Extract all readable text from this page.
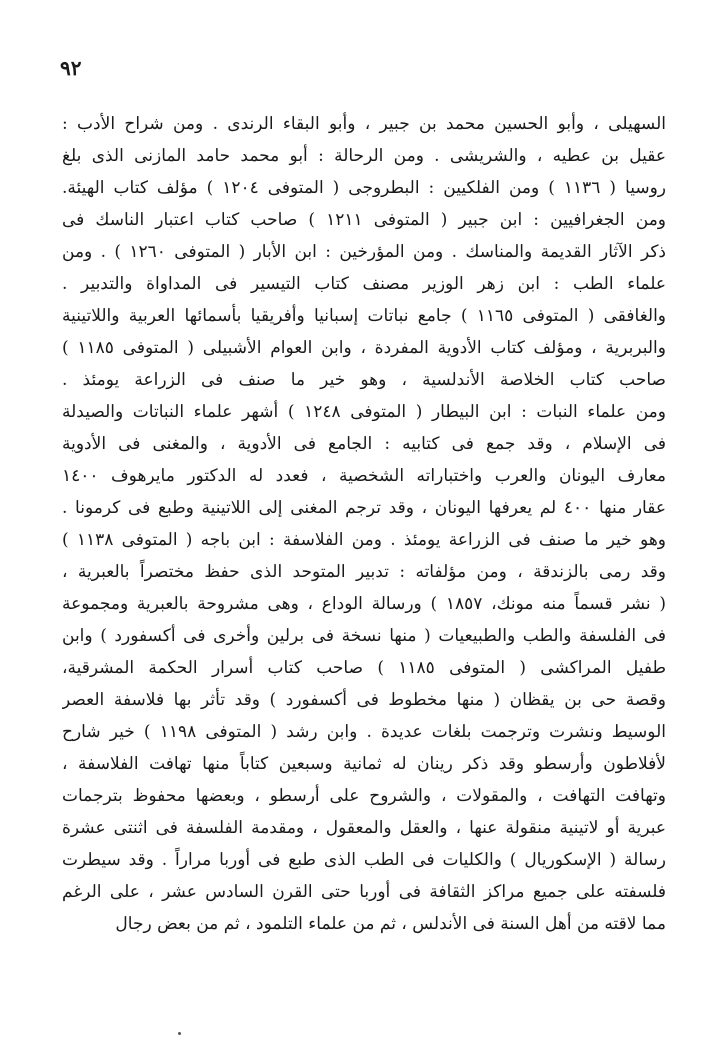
٩٢
السهيلى ، وأبو الحسين محمد بن جبير ، وأبو البقاء الرندى . ومن شراح الأدب :
عقيل بن عطيه ، والشريشى . ومن الرحالة : أبو محمد حامد المازنى الذى بلغ
روسيا ( ١١٣٦ ) ومن الفلكيين : البطروجى ( المتوفى ١٢٠٤ ) مؤلف كتاب الهيئة.
ومن الجغرافيين : ابن جبير ( المتوفى ١٢١١ ) صاحب كتاب اعتبار الناسك فى
ذكر الآثار القديمة والمناسك . ومن المؤرخين : ابن الأبار ( المتوفى ١٢٦٠ ) . ومن
علماء الطب : ابن زهر الوزير مصنف كتاب التيسير فى المداواة والتدبير .
والغافقى ( المتوفى ١١٦٥ ) جامع نباتات إسبانيا وأفريقيا بأسمائها العربية واللاتينية
والبربرية ، ومؤلف كتاب الأدوية المفردة ، وابن العوام الأشبيلى ( المتوفى ١١٨٥ )
صاحب كتاب الخلاصة الأندلسية ، وهو خير ما صنف فى الزراعة يومئذ .
ومن علماء النبات : ابن البيطار ( المتوفى ١٢٤٨ ) أشهر علماء النباتات والصيدلة
فى الإسلام ، وقد جمع فى كتابيه : الجامع فى الأدوية ، والمغنى فى الأدوية
معارف اليونان والعرب واختباراته الشخصية ، فعدد له الدكتور مايرهوف ١٤٠٠
عقار منها ٤٠٠ لم يعرفها اليونان ، وقد ترجم المغنى إلى اللاتينية وطبع فى كرمونا .
وهو خير ما صنف فى الزراعة يومئذ . ومن الفلاسفة : ابن باجه ( المتوفى ١١٣٨ )
وقد رمى بالزندقة ، ومن مؤلفاته : تدبير المتوحد الذى حفظ مختصراً بالعبرية ،
( نشر قسماً منه مونك، ١٨٥٧ ) ورسالة الوداع ، وهى مشروحة بالعبرية ومجموعة
فى الفلسفة والطب والطبيعيات ( منها نسخة فى برلين وأخرى فى أكسفورد ) وابن
طفيل المراكشى ( المتوفى ١١٨٥ ) صاحب كتاب أسرار الحكمة المشرقية،
وقصة حى بن يقظان ( منها مخطوط فى أكسفورد ) وقد تأثر بها فلاسفة العصر
الوسيط ونشرت وترجمت بلغات عديدة . وابن رشد ( المتوفى ١١٩٨ ) خير شارح
لأفلاطون وأرسطو وقد ذكر رينان له ثمانية وسبعين كتاباً منها تهافت الفلاسفة ،
وتهافت التهافت ، والمقولات ، والشروح على أرسطو ، وبعضها محفوظ بترجمات
عبرية أو لاتينية منقولة عنها ، والعقل والمعقول ، ومقدمة الفلسفة فى اثنتى عشرة
رسالة ( الإسكوريال ) والكليات فى الطب الذى طبع فى أوربا مراراً . وقد سيطرت
فلسفته على جميع مراكز الثقافة فى أوربا حتى القرن السادس عشر ، على الرغم
مما لاقته من أهل السنة فى الأندلس ، ثم من علماء التلمود ، ثم من بعض رجال
